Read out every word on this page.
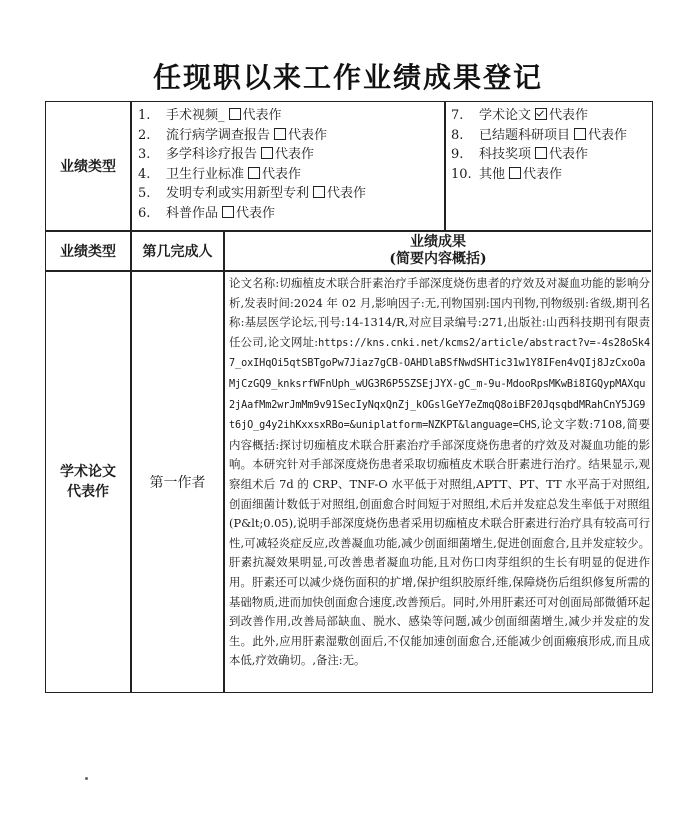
任现职以来工作业绩成果登记
业绩类型
1. 手术视频_ 代表作
2. 流行病学调查报告 代表作
3. 多学科诊疗报告 代表作
4. 卫生行业标准 代表作
5. 发明专利或实用新型专利 代表作
6. 科普作品 代表作
7. 学术论文 代表作
8. 已结题科研项目 代表作
9. 科技奖项 代表作
10. 其他 代表作
业绩类型	第几完成人
业绩成果
(简要内容概括)
学术论文
代表作
第一作者
论文名称:切痂植皮术联合肝素治疗手部深度烧伤患者的疗效及对凝血功能的影响分析,发表时间:2024 年 02 月,影响因子:无,刊物国别:国内刊物,刊物级别:省级,期刊名称:基层医学论坛,刊号:14-1314/R,对应目录编号:271,出版社:山西科技期刊有限责任公司,论文网址:https://kns.cnki.net/kcms2/article/abstract?v=-4s28oSk47_oxIHqOi5qtSBTgoPw7Jiaz7gCB-OAHDlaBSfNwdSHTic31w1Y8IFen4vQIj8JzCxoOaMjCzGQ9_knksrfWFnUph_wUG3R6P5SZSEjJYX-gC_m-9u-MdooRpsMKwBi8IGQypMAXqu2jAafMm2wrJmMm9v91SecIyNqxQnZj_kOGslGeY7eZmqQ8oiBF20JqsqbdMRahCnY5JG9t6jO_g4y2ihKxxsxRBo=&uniplatform=NZKPT&language=CHS,论文字数:7108,简要内容概括:探讨切痂植皮术联合肝素治疗手部深度烧伤患者的疗效及对凝血功能的影响。本研究针对手部深度烧伤患者采取切痂植皮术联合肝素进行治疗。结果显示,观察组术后 7d 的 CRP、TNF-O 水平低于对照组,APTT、PT、TT 水平高于对照组,创面细菌计数低于对照组,创面愈合时间短于对照组,术后并发症总发生率低于对照组(P&lt;0.05),说明手部深度烧伤患者采用切痂植皮术联合肝素进行治疗具有较高可行性,可减轻炎症反应,改善凝血功能,减少创面细菌增生,促进创面愈合,且并发症较少。肝素抗凝效果明显,可改善患者凝血功能,且对伤口肉芽组织的生长有明显的促进作用。肝素还可以减少烧伤面积的扩增,保护组织胶原纤维,保障烧伤后组织修复所需的基础物质,进而加快创面愈合速度,改善预后。同时,外用肝素还可对创面局部微循环起到改善作用,改善局部缺血、脱水、感染等问题,减少创面细菌增生,减少并发症的发生。此外,应用肝素湿敷创面后,不仅能加速创面愈合,还能减少创面瘢痕形成,而且成本低,疗效确切。,备注:无。
